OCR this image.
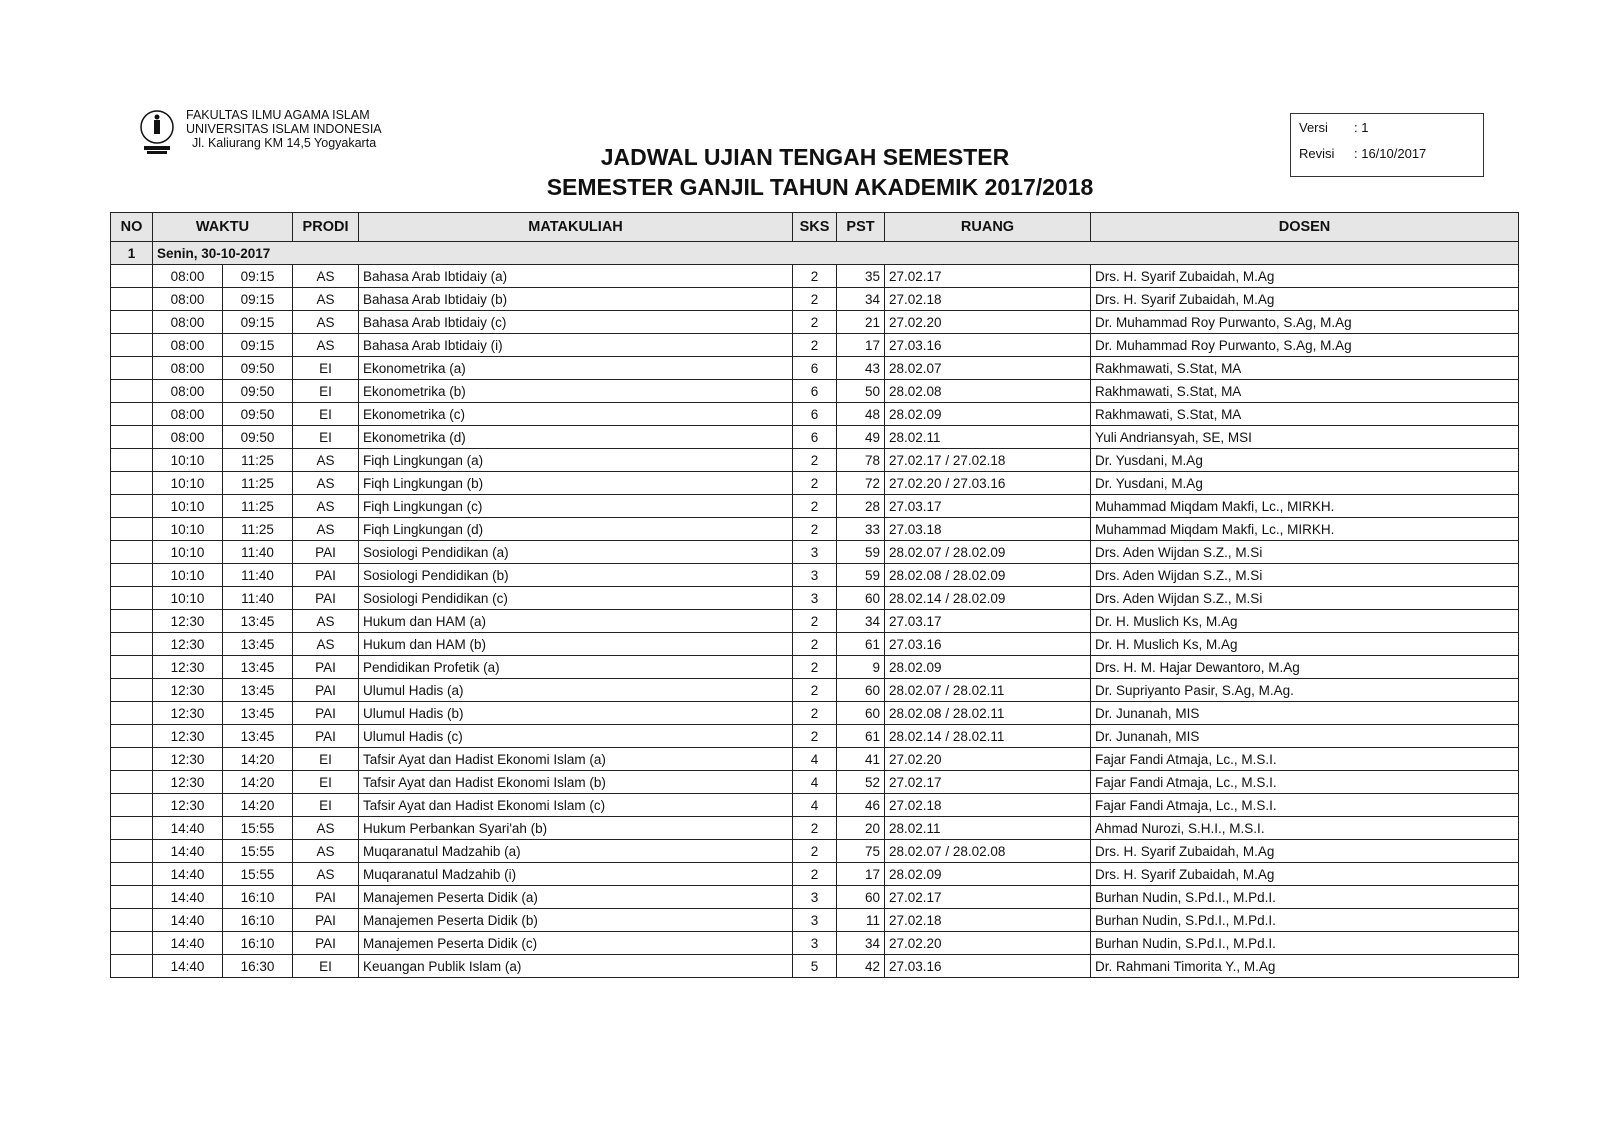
FAKULTAS ILMU AGAMA ISLAM
UNIVERSITAS ISLAM INDONESIA
Jl. Kaliurang KM 14,5 Yogyakarta
JADWAL UJIAN TENGAH SEMESTER
SEMESTER GANJIL TAHUN AKADEMIK 2017/2018
Versi	: 1
Revisi	: 16/10/2017
NO	WAKTU		PRODI	MATAKULIAH	SKS	PST	RUANG	DOSEN
1	Senin, 30-10-2017							
	08:00	09:15	AS	Bahasa Arab Ibtidaiy (a)	2	35	27.02.17	Drs. H. Syarif Zubaidah, M.Ag
	08:00	09:15	AS	Bahasa Arab Ibtidaiy (b)	2	34	27.02.18	Drs. H. Syarif Zubaidah, M.Ag
	08:00	09:15	AS	Bahasa Arab Ibtidaiy (c)	2	21	27.02.20	Dr. Muhammad Roy Purwanto, S.Ag, M.Ag
	08:00	09:15	AS	Bahasa Arab Ibtidaiy (i)	2	17	27.03.16	Dr. Muhammad Roy Purwanto, S.Ag, M.Ag
	08:00	09:50	EI	Ekonometrika (a)	6	43	28.02.07	Rakhmawati, S.Stat, MA
	08:00	09:50	EI	Ekonometrika (b)	6	50	28.02.08	Rakhmawati, S.Stat, MA
	08:00	09:50	EI	Ekonometrika (c)	6	48	28.02.09	Rakhmawati, S.Stat, MA
	08:00	09:50	EI	Ekonometrika (d)	6	49	28.02.11	Yuli Andriansyah, SE, MSI
	10:10	11:25	AS	Fiqh Lingkungan (a)	2	78	27.02.17 / 27.02.18	Dr. Yusdani, M.Ag
	10:10	11:25	AS	Fiqh Lingkungan (b)	2	72	27.02.20 / 27.03.16	Dr. Yusdani, M.Ag
	10:10	11:25	AS	Fiqh Lingkungan (c)	2	28	27.03.17	Muhammad Miqdam Makfi, Lc., MIRKH.
	10:10	11:25	AS	Fiqh Lingkungan (d)	2	33	27.03.18	Muhammad Miqdam Makfi, Lc., MIRKH.
	10:10	11:40	PAI	Sosiologi Pendidikan (a)	3	59	28.02.07 / 28.02.09	Drs. Aden Wijdan S.Z., M.Si
	10:10	11:40	PAI	Sosiologi Pendidikan (b)	3	59	28.02.08 / 28.02.09	Drs. Aden Wijdan S.Z., M.Si
	10:10	11:40	PAI	Sosiologi Pendidikan (c)	3	60	28.02.14 / 28.02.09	Drs. Aden Wijdan S.Z., M.Si
	12:30	13:45	AS	Hukum dan HAM (a)	2	34	27.03.17	Dr. H. Muslich Ks, M.Ag
	12:30	13:45	AS	Hukum dan HAM (b)	2	61	27.03.16	Dr. H. Muslich Ks, M.Ag
	12:30	13:45	PAI	Pendidikan Profetik (a)	2	9	28.02.09	Drs. H. M. Hajar Dewantoro, M.Ag
	12:30	13:45	PAI	Ulumul Hadis (a)	2	60	28.02.07 / 28.02.11	Dr. Supriyanto Pasir, S.Ag, M.Ag.
	12:30	13:45	PAI	Ulumul Hadis (b)	2	60	28.02.08 / 28.02.11	Dr. Junanah, MIS
	12:30	13:45	PAI	Ulumul Hadis (c)	2	61	28.02.14 / 28.02.11	Dr. Junanah, MIS
	12:30	14:20	EI	Tafsir Ayat dan Hadist Ekonomi Islam (a)	4	41	27.02.20	Fajar Fandi Atmaja, Lc., M.S.I.
	12:30	14:20	EI	Tafsir Ayat dan Hadist Ekonomi Islam (b)	4	52	27.02.17	Fajar Fandi Atmaja, Lc., M.S.I.
	12:30	14:20	EI	Tafsir Ayat dan Hadist Ekonomi Islam (c)	4	46	27.02.18	Fajar Fandi Atmaja, Lc., M.S.I.
	14:40	15:55	AS	Hukum Perbankan Syari'ah (b)	2	20	28.02.11	Ahmad Nurozi, S.H.I., M.S.I.
	14:40	15:55	AS	Muqaranatul Madzahib (a)	2	75	28.02.07 / 28.02.08	Drs. H. Syarif Zubaidah, M.Ag
	14:40	15:55	AS	Muqaranatul Madzahib (i)	2	17	28.02.09	Drs. H. Syarif Zubaidah, M.Ag
	14:40	16:10	PAI	Manajemen Peserta Didik (a)	3	60	27.02.17	Burhan Nudin, S.Pd.I., M.Pd.I.
	14:40	16:10	PAI	Manajemen Peserta Didik (b)	3	11	27.02.18	Burhan Nudin, S.Pd.I., M.Pd.I.
	14:40	16:10	PAI	Manajemen Peserta Didik (c)	3	34	27.02.20	Burhan Nudin, S.Pd.I., M.Pd.I.
	14:40	16:30	EI	Keuangan Publik Islam (a)	5	42	27.03.16	Dr. Rahmani Timorita Y., M.Ag
